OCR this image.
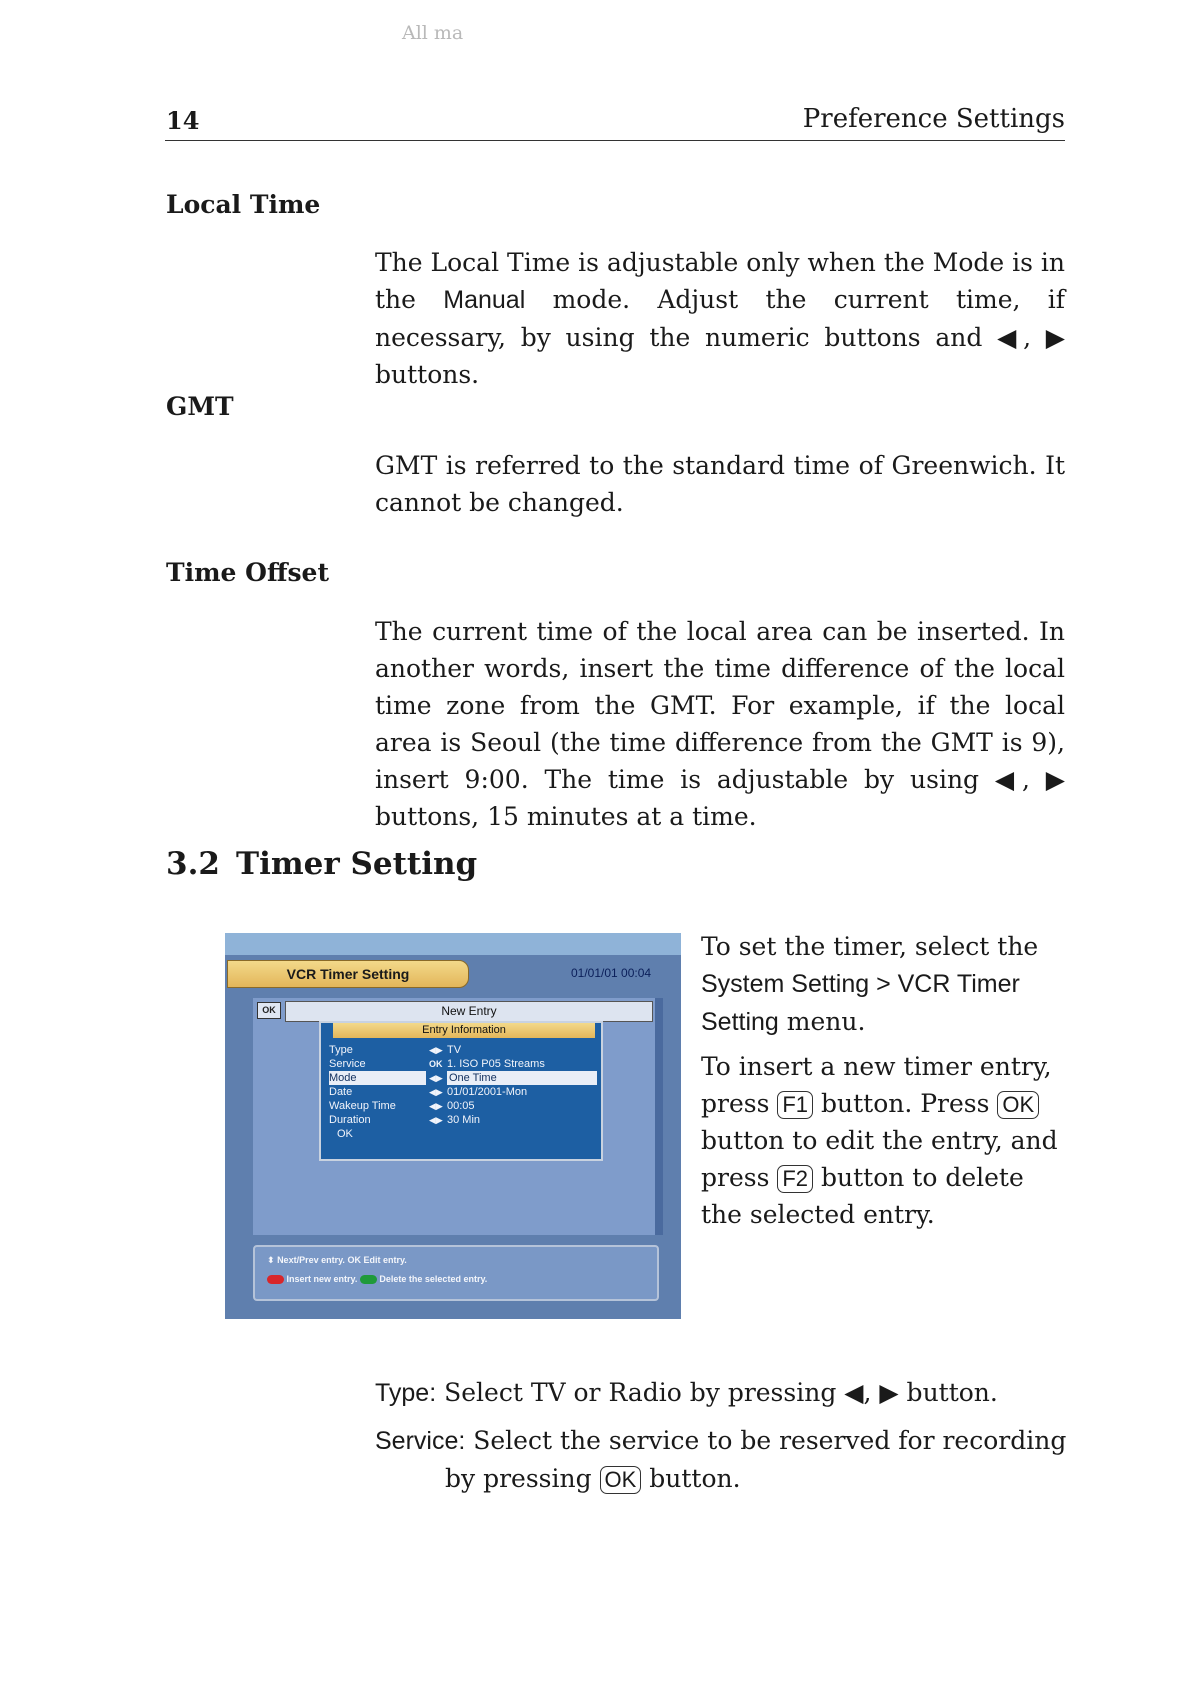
All ma
14	Preference Settings
Local Time

The Local Time is adjustable only when the Mode is in the Manual mode. Adjust the current time, if necessary, by using the numeric buttons and ◀, ▶ buttons.

GMT

GMT is referred to the standard time of Greenwich. It cannot be changed.

Time Offset

The current time of the local area can be inserted. In another words, insert the time difference of the local time zone from the GMT. For example, if the local area is Seoul (the time difference from the GMT is 9), insert 9:00. The time is adjustable by using ◀, ▶ buttons, 15 minutes at a time.

3.2 Timer Setting
VCR Timer Setting	01/01/01 00:04
OK	New Entry
Entry Information
Type	◀▶ TV
Service	OK 1. ISO P05 Streams
Mode	◀▶ One Time
Date	◀▶ 01/01/2001-Mon
Wakeup Time	◀▶ 00:05
Duration	◀▶ 30 Min
OK
⬍ Next/Prev entry. OK Edit entry.
Insert new entry. Delete the selected entry.

To set the timer, select the System Setting > VCR Timer Setting menu.

To insert a new timer entry, press F1 button. Press OK button to edit the entry, and press F2 button to delete the selected entry.

Type: Select TV or Radio by pressing ◀, ▶ button.

Service: Select the service to be reserved for recording by pressing OK button.
